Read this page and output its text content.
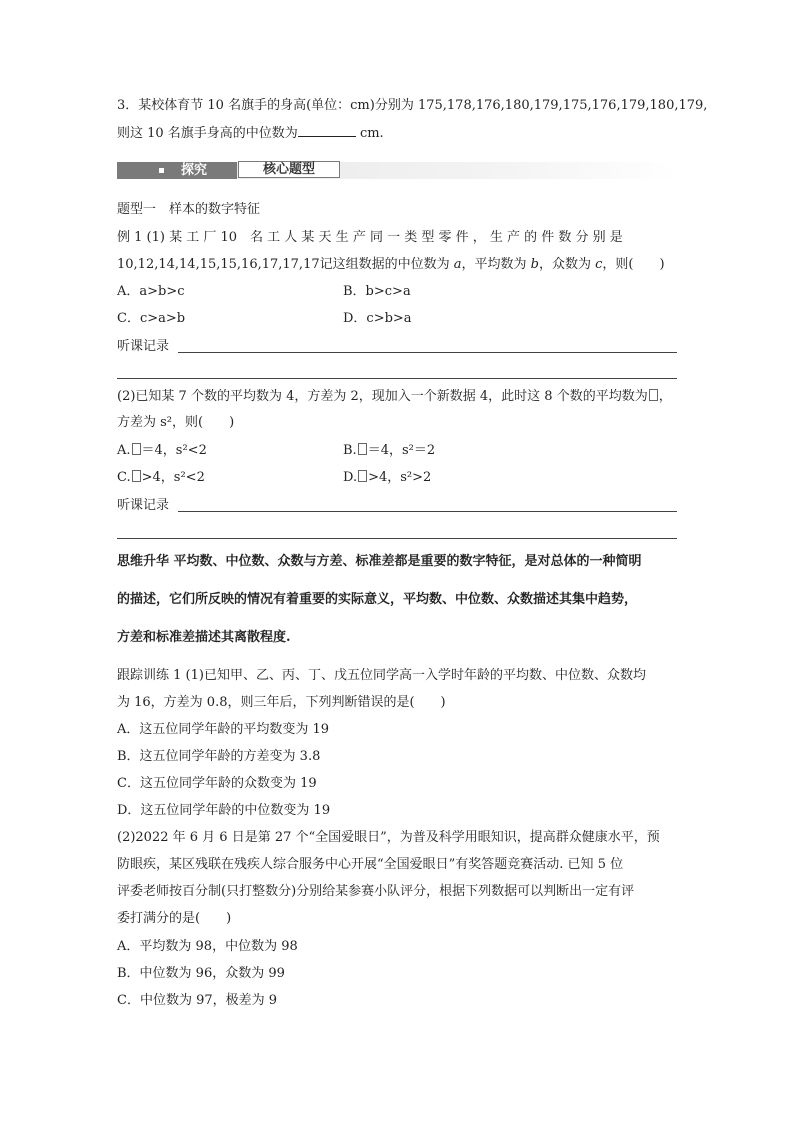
3．某校体育节 10 名旗手的身高(单位：cm)分别为 175,178,176,180,179,175,176,179,180,179,
则这 10 名旗手身高的中位数为	cm.
探究	核心题型
题型一　样本的数字特征
例 1 (1) 某 工 厂 10　名 工 人 某 天 生 产 同 一 类 型 零 件 ， 生 产 的 件 数 分 别 是
10,12,14,14,15,15,16,17,17,17记这组数据的中位数为 a，平均数为 b，众数为 c，则(　　)
A．a>b>c	B．b>c>a
C．c>a>b	D．c>b>a
听课记录
(2)已知某 7 个数的平均数为 4，方差为 2，现加入一个新数据 4，此时这 8 个数的平均数为 ，
方差为 s²，则(　　)
A. ＝4，s²<2	B. ＝4，s²＝2
C. >4，s²<2	D. >4，s²>2
听课记录
思维升华 平均数、中位数、众数与方差、标准差都是重要的数字特征，是对总体的一种简明
的描述，它们所反映的情况有着重要的实际意义，平均数、中位数、众数描述其集中趋势，
方差和标准差描述其离散程度.
跟踪训练 1 (1)已知甲、乙、丙、丁、戊五位同学高一入学时年龄的平均数、中位数、众数均
为 16，方差为 0.8，则三年后，下列判断错误的是(　　)
A．这五位同学年龄的平均数变为 19
B．这五位同学年龄的方差变为 3.8
C．这五位同学年龄的众数变为 19
D．这五位同学年龄的中位数变为 19
(2)2022 年 6 月 6 日是第 27 个“全国爱眼日”，为普及科学用眼知识，提高群众健康水平，预
防眼疾，某区残联在残疾人综合服务中心开展“全国爱眼日”有奖答题竞赛活动. 已知 5 位
评委老师按百分制(只打整数分)分别给某参赛小队评分，根据下列数据可以判断出一定有评
委打满分的是(　　)
A．平均数为 98，中位数为 98
B．中位数为 96，众数为 99
C．中位数为 97，极差为 9
